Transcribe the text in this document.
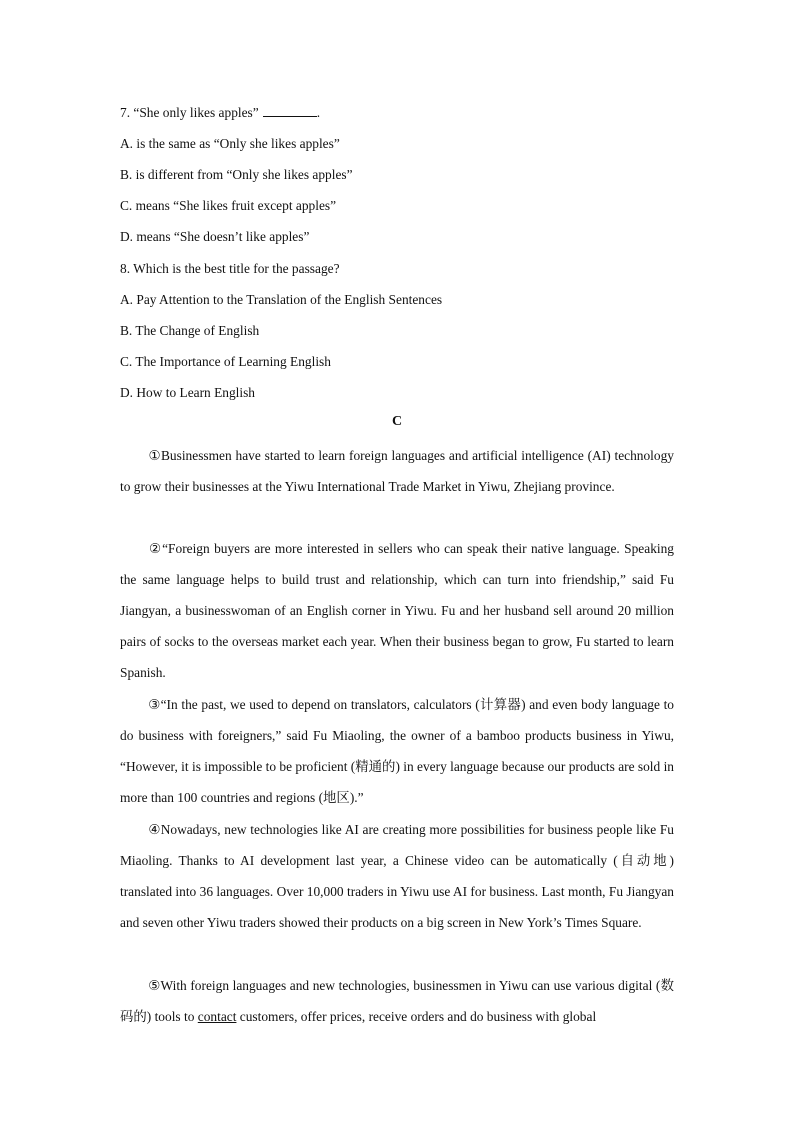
7. “She only likes apples”	.
A. is the same as “Only she likes apples”
B. is different from “Only she likes apples”
C. means “She likes fruit except apples”
D. means “She doesn’t like apples”
8. Which is the best title for the passage?
A. Pay Attention to the Translation of the English Sentences
B. The Change of English
C. The Importance of Learning English
D. How to Learn English
C
①Businessmen have started to learn foreign languages and artificial intelligence (AI) technology to grow their businesses at the Yiwu International Trade Market in Yiwu, Zhejiang province.
②“Foreign buyers are more interested in sellers who can speak their native language. Speaking the same language helps to build trust and relationship, which can turn into friendship,” said Fu Jiangyan, a businesswoman of an English corner in Yiwu. Fu and her husband sell around 20 million pairs of socks to the overseas market each year. When their business began to grow, Fu started to learn Spanish.
③“In the past, we used to depend on translators, calculators (计算器) and even body language to do business with foreigners,” said Fu Miaoling, the owner of a bamboo products business in Yiwu, “However, it is impossible to be proficient (精通的) in every language because our products are sold in more than 100 countries and regions (地区).”
④Nowadays, new technologies like AI are creating more possibilities for business people like Fu Miaoling. Thanks to AI development last year, a Chinese video can be automatically (自动地) translated into 36 languages. Over 10,000 traders in Yiwu use AI for business. Last month, Fu Jiangyan and seven other Yiwu traders showed their products on a big screen in New York’s Times Square.
⑤With foreign languages and new technologies, businessmen in Yiwu can use various digital (数码的) tools to contact customers, offer prices, receive orders and do business with global
